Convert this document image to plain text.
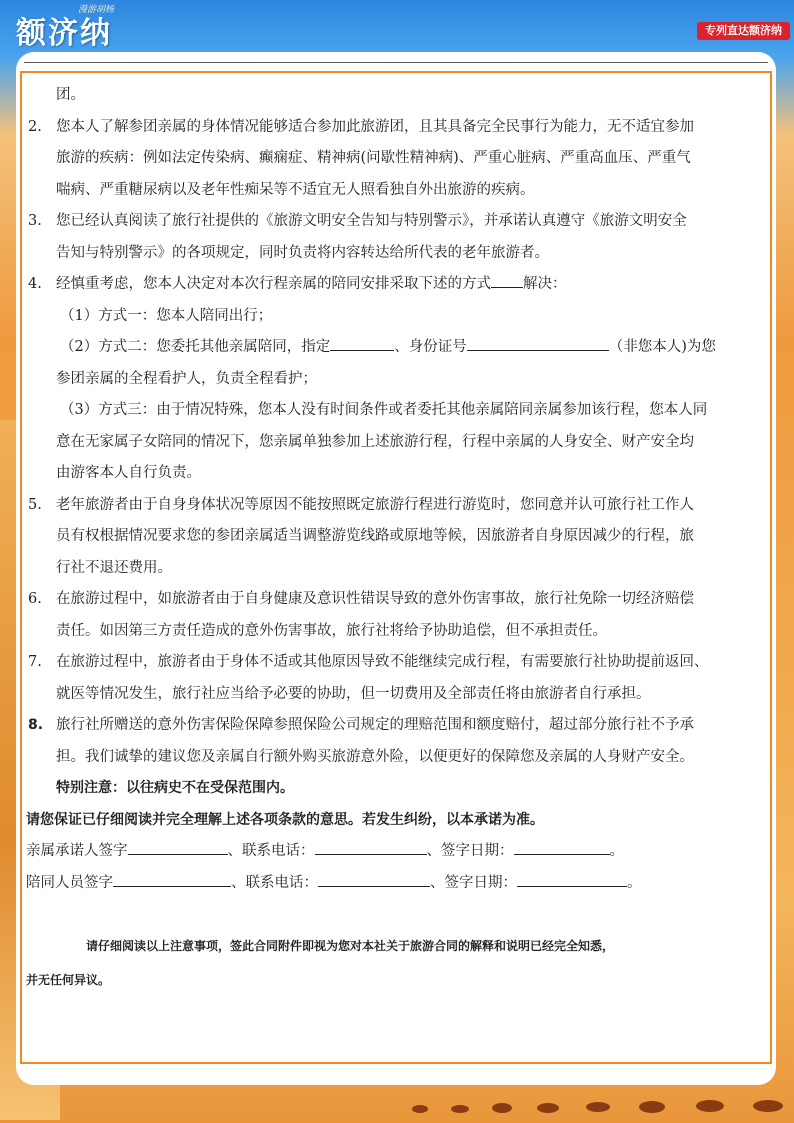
额济纳
漫游胡杨
专列直达额济纳
团。
2. 您本人了解参团亲属的身体情况能够适合参加此旅游团，且其具备完全民事行为能力，无不适宜参加
旅游的疾病：例如法定传染病、癫痫症、精神病(问歇性精神病)、严重心脏病、严重高血压、严重气
喘病、严重糖尿病以及老年性痴呆等不适宜无人照看独自外出旅游的疾病。
3. 您已经认真阅读了旅行社提供的《旅游文明安全告知与特别警示》，并承诺认真遵守《旅游文明安全
告知与特别警示》的各项规定，同时负责将内容转达给所代表的老年旅游者。
4. 经慎重考虑，您本人决定对本次行程亲属的陪同安排采取下述的方式 解决：
（1）方式一：您本人陪同出行；
（2）方式二：您委托其他亲属陪同，指定	、身份证号	（非您本人)为您
参团亲属的全程看护人，负责全程看护；
（3）方式三：由于情况特殊，您本人没有时间条件或者委托其他亲属陪同亲属参加该行程，您本人同
意在无家属子女陪同的情况下，您亲属单独参加上述旅游行程，行程中亲属的人身安全、财产安全均
由游客本人自行负责。
5. 老年旅游者由于自身身体状况等原因不能按照既定旅游行程进行游览时，您同意并认可旅行社工作人
员有权根据情况要求您的参团亲属适当调整游览线路或原地等候，因旅游者自身原因减少的行程，旅
行社不退还费用。
6. 在旅游过程中，如旅游者由于自身健康及意识性错误导致的意外伤害事故，旅行社免除一切经济赔偿
责任。如因第三方责任造成的意外伤害事故，旅行社将给予协助追偿，但不承担责任。
7. 在旅游过程中，旅游者由于身体不适或其他原因导致不能继续完成行程，有需要旅行社协助提前返回、
就医等情况发生，旅行社应当给予必要的协助，但一切费用及全部责任将由旅游者自行承担。
8. 旅行社所赠送的意外伤害保险保障参照保险公司规定的理赔范围和额度赔付，超过部分旅行社不予承
担。我们诚挚的建议您及亲属自行额外购买旅游意外险，以便更好的保障您及亲属的人身财产安全。
特别注意：以往病史不在受保范围内。
请您保证已仔细阅读并完全理解上述各项条款的意思。若发生纠纷，以本承诺为准。
亲属承诺人签字	、联系电话：	、签字日期：	。
陪同人员签字	、联系电话：	、签字日期：	。
请仔细阅读以上注意事项，签此合同附件即视为您对本社关于旅游合同的解释和说明已经完全知悉，
并无任何异议。
